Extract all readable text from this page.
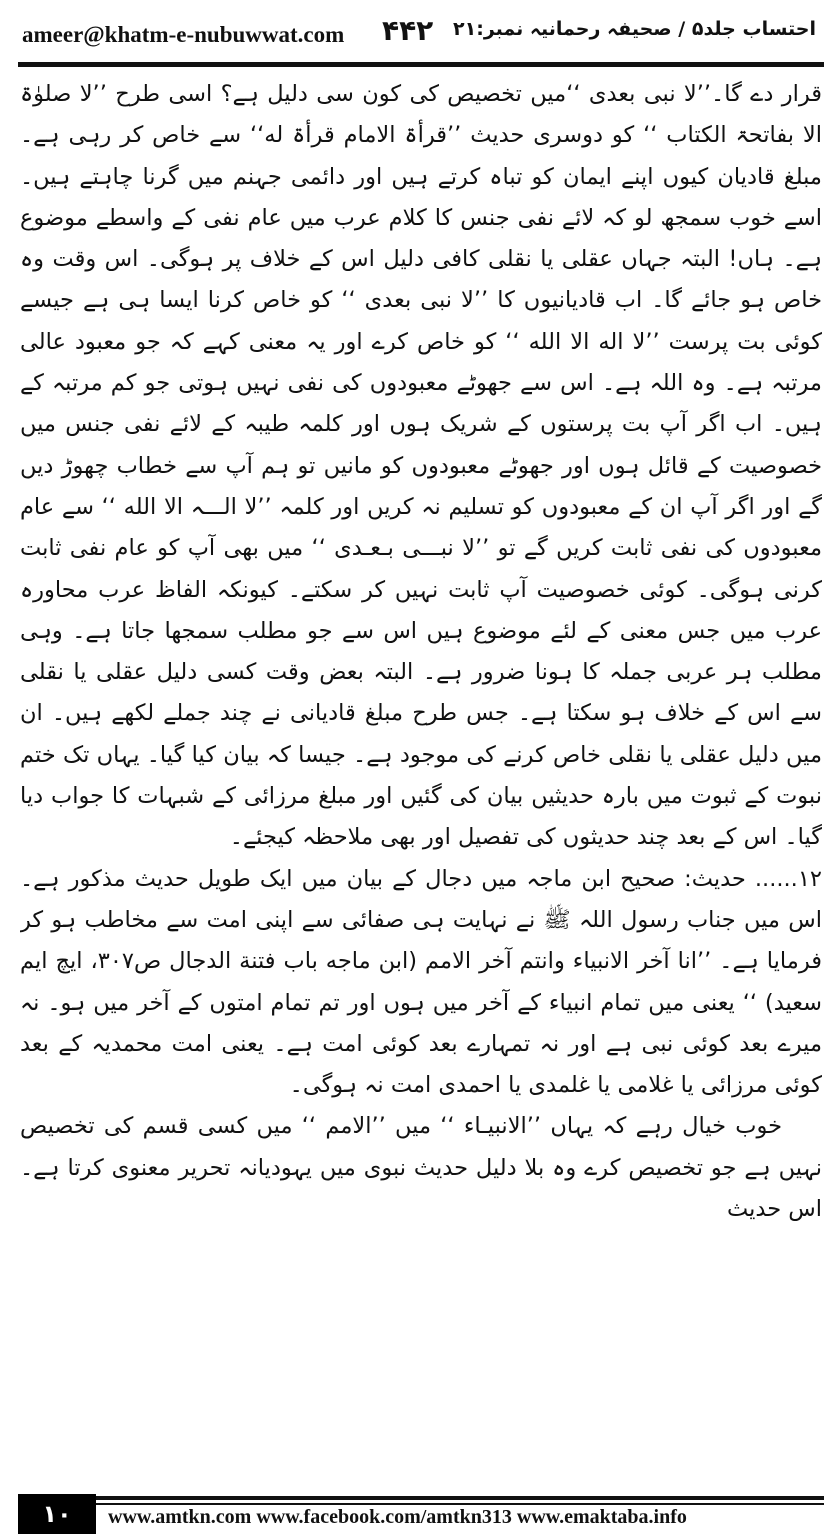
ameer@khatm-e-nubuwwat.com ۴۴۲ احتساب جلد۵ / صحیفہ رحمانیہ نمبر:۲۱

قرار دے گا۔’’لا نبی بعدی ‘‘میں تخصیص کی کون سی دلیل ہے؟ اسی طرح ’’لا صلوٰۃ الا بفاتحۃ الکتاب ‘‘ کو دوسری حدیث ’’قرأۃ الامام قرأۃ له‘‘ سے خاص کر رہی ہے۔ مبلغ قادیان کیوں اپنے ایمان کو تباہ کرتے ہیں اور دائمی جہنم میں گرنا چاہتے ہیں۔ اسے خوب سمجھ لو کہ لائے نفی جنس کا کلام عرب میں عام نفی کے واسطے موضوع ہے۔ ہاں! البتہ جہاں عقلی یا نقلی کافی دلیل اس کے خلاف پر ہوگی۔ اس وقت وہ خاص ہو جائے گا۔ اب قادیانیوں کا ’’لا نبی بعدی ‘‘ کو خاص کرنا ایسا ہی ہے جیسے کوئی بت پرست ’’لا اله الا الله ‘‘ کو خاص کرے اور یہ معنی کہے کہ جو معبود عالی مرتبہ ہے۔ وہ اللہ ہے۔ اس سے جھوٹے معبودوں کی نفی نہیں ہوتی جو کم مرتبہ کے ہیں۔ اب اگر آپ بت پرستوں کے شریک ہوں اور کلمہ طیبہ کے لائے نفی جنس میں خصوصیت کے قائل ہوں اور جھوٹے معبودوں کو مانیں تو ہم آپ سے خطاب چھوڑ دیں گے اور اگر آپ ان کے معبودوں کو تسلیم نہ کریں اور کلمہ ’’لا الـــہ الا الله ‘‘ سے عام معبودوں کی نفی ثابت کریں گے تو ’’لا نبـــی بـعـدی ‘‘ میں بھی آپ کو عام نفی ثابت کرنی ہوگی۔ کوئی خصوصیت آپ ثابت نہیں کر سکتے۔ کیونکہ الفاظ عرب محاورہ عرب میں جس معنی کے لئے موضوع ہیں اس سے جو مطلب سمجھا جاتا ہے۔ وہی مطلب ہر عربی جملہ کا ہونا ضرور ہے۔ البتہ بعض وقت کسی دلیل عقلی یا نقلی سے اس کے خلاف ہو سکتا ہے۔ جس طرح مبلغ قادیانی نے چند جملے لکھے ہیں۔ ان میں دلیل عقلی یا نقلی خاص کرنے کی موجود ہے۔ جیسا کہ بیان کیا گیا۔ یہاں تک ختم نبوت کے ثبوت میں بارہ حدیثیں بیان کی گئیں اور مبلغ مرزائی کے شبہات کا جواب دیا گیا۔ اس کے بعد چند حدیثوں کی تفصیل اور بھی ملاحظہ کیجئے۔

۱۲...... حدیث: صحیح ابن ماجہ میں دجال کے بیان میں ایک طویل حدیث مذکور ہے۔ اس میں جناب رسول اللہ ﷺ نے نہایت ہی صفائی سے اپنی امت سے مخاطب ہو کر فرمایا ہے۔ ’’انا آخر الانبیاء وانتم آخر الامم (ابن ماجه باب فتنة الدجال ص۳۰۷، ایچ ایم سعید) ‘‘ یعنی میں تمام انبیاء کے آخر میں ہوں اور تم تمام امتوں کے آخر میں ہو۔ نہ میرے بعد کوئی نبی ہے اور نہ تمہارے بعد کوئی امت ہے۔ یعنی امت محمدیہ کے بعد کوئی مرزائی یا غلامی یا غلمدی یا احمدی امت نہ ہوگی۔

خوب خیال رہے کہ یہاں ’’الانبیـاء ‘‘ میں ’’الامم ‘‘ میں کسی قسم کی تخصیص نہیں ہے جو تخصیص کرے وہ بلا دلیل حدیث نبوی میں یہودیانہ تحریر معنوی کرتا ہے۔ اس حدیث

۱۰	www.amtkn.com www.facebook.com/amtkn313 www.emaktaba.info
